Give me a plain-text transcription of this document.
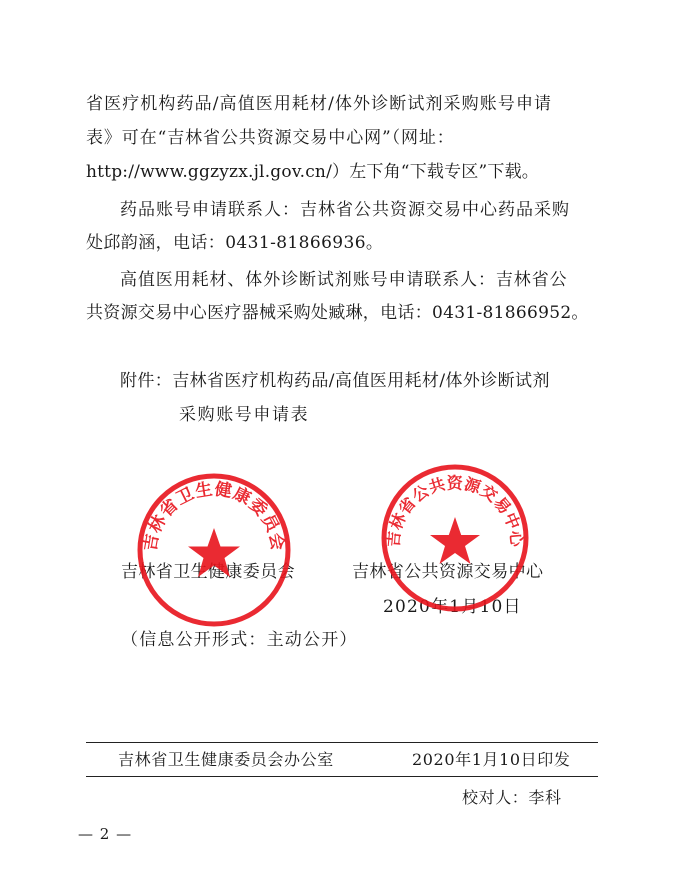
省医疗机构药品/高值医用耗材/体外诊断试剂采购账号申请
表》可在“吉林省公共资源交易中心网”（网址：
http://www.ggzyzx.jl.gov.cn/）左下角“下载专区”下载。
药品账号申请联系人：吉林省公共资源交易中心药品采购
处邱韵涵，电话：0431-81866936。
高值医用耗材、体外诊断试剂账号申请联系人：吉林省公
共资源交易中心医疗器械采购处臧琳，电话：0431-81866952。
附件：吉林省医疗机构药品/高值医用耗材/体外诊断试剂
采购账号申请表
吉林省卫生健康委员会	吉林省公共资源交易中心
2020年1月10日
吉林省卫生健康委员会	吉林省公共资源交易中心
（信息公开形式：主动公开）
吉林省卫生健康委员会办公室	2020年1月10日印发
校对人：李科
— 2 —
